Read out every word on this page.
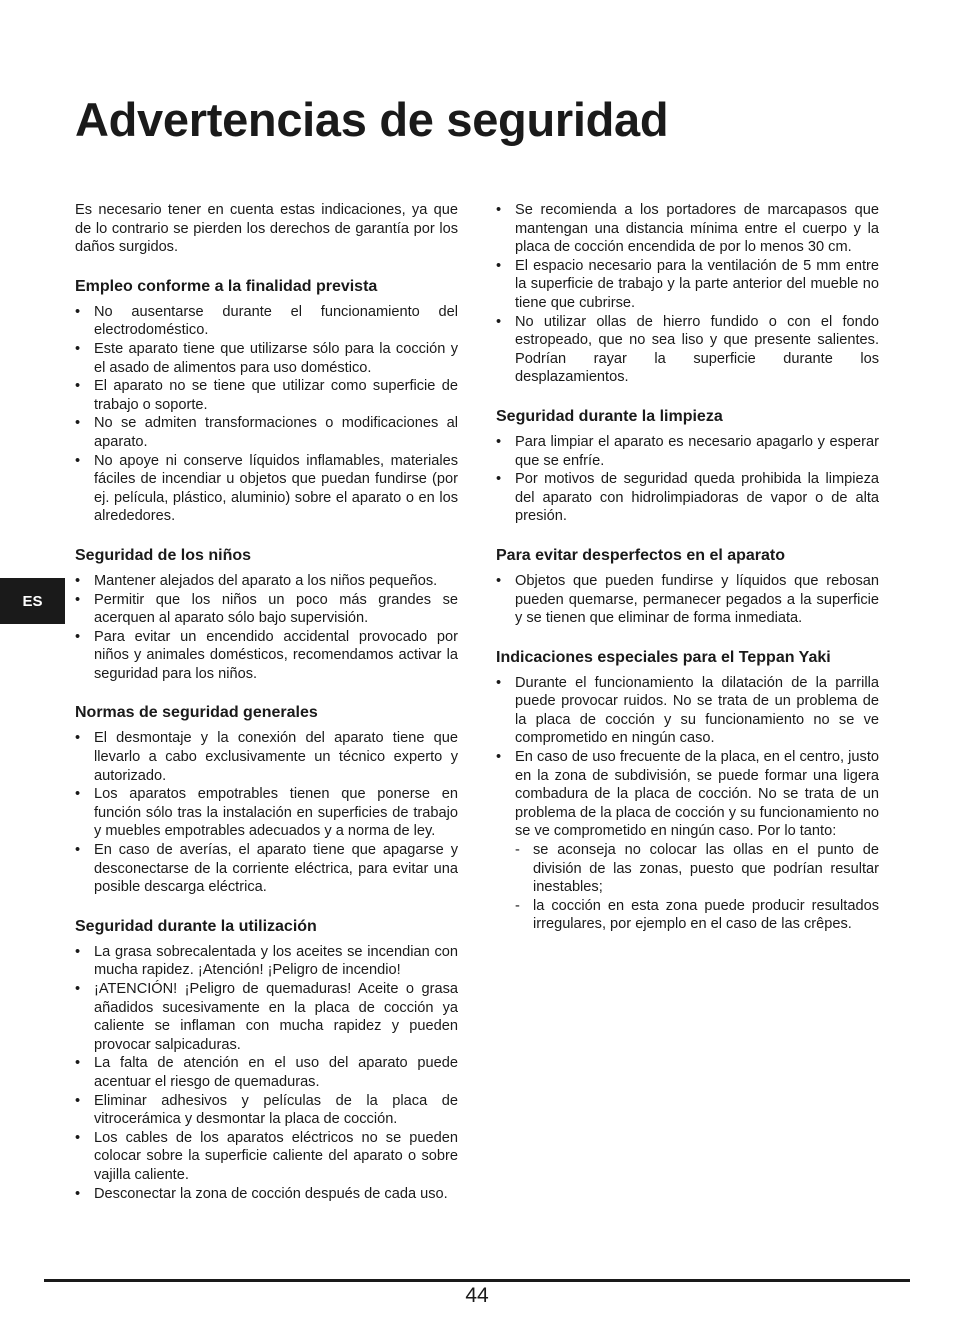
Advertencias de seguridad

Es necesario tener en cuenta estas indicaciones, ya que de lo contrario se pierden los derechos de garantía por los daños surgidos.

Empleo conforme a la finalidad prevista
• No ausentarse durante el funcionamiento del electrodoméstico.
• Este aparato tiene que utilizarse sólo para la cocción y el asado de alimentos para uso doméstico.
• El aparato no se tiene que utilizar como superficie de trabajo o soporte.
• No se admiten transformaciones o modificaciones al aparato.
• No apoye ni conserve líquidos inflamables, materiales fáciles de incendiar u objetos que puedan fundirse (por ej. película, plástico, aluminio) sobre el aparato o en los alrededores.
Seguridad de los niños
• Mantener alejados del aparato a los niños pequeños.
• Permitir que los niños un poco más grandes se acerquen al aparato sólo bajo supervisión.
• Para evitar un encendido accidental provocado por niños y animales domésticos, recomendamos activar la seguridad para los niños.
Normas de seguridad generales
• El desmontaje y la conexión del aparato tiene que llevarlo a cabo exclusivamente un técnico experto y autorizado.
• Los aparatos empotrables tienen que ponerse en función sólo tras la instalación en superficies de trabajo y muebles empotrables adecuados y a norma de ley.
• En caso de averías, el aparato tiene que apagarse y desconectarse de la corriente eléctrica, para evitar una posible descarga eléctrica.
Seguridad durante la utilización
• La grasa sobrecalentada y los aceites se incendian con mucha rapidez. ¡Atención! ¡Peligro de incendio!
• ¡ATENCIÓN! ¡Peligro de quemaduras! Aceite o grasa añadidos sucesivamente en la placa de cocción ya caliente se inflaman con mucha rapidez y pueden provocar salpicaduras.
• La falta de atención en el uso del aparato puede acentuar el riesgo de quemaduras.
• Eliminar adhesivos y películas de la placa de vitrocerámica y desmontar la placa de cocción.
• Los cables de los aparatos eléctricos no se pueden colocar sobre la superficie caliente del aparato o sobre vajilla caliente.
• Desconectar la zona de cocción después de cada uso.
• Se recomienda a los portadores de marcapasos que mantengan una distancia mínima entre el cuerpo y la placa de cocción encendida de por lo menos 30 cm.
• El espacio necesario para la ventilación de 5 mm entre la superficie de trabajo y la parte anterior del mueble no tiene que cubrirse.
• No utilizar ollas de hierro fundido o con el fondo estropeado, que no sea liso y que presente salientes. Podrían rayar la superficie durante los desplazamientos.
Seguridad durante la limpieza
• Para limpiar el aparato es necesario apagarlo y esperar que se enfríe.
• Por motivos de seguridad queda prohibida la limpieza del aparato con hidrolimpiadoras de vapor o de alta presión.
Para evitar desperfectos en el aparato
• Objetos que pueden fundirse y líquidos que rebosan pueden quemarse, permanecer pegados a la superficie y se tienen que eliminar de forma inmediata.
Indicaciones especiales para el Teppan Yaki
• Durante el funcionamiento la dilatación de la parrilla puede provocar ruidos. No se trata de un problema de la placa de cocción y su funcionamiento no se ve comprometido en ningún caso.
• En caso de uso frecuente de la placa, en el centro, justo en la zona de subdivisión, se puede formar una ligera combadura de la placa de cocción. No se trata de un problema de la placa de cocción y su funcionamiento no se ve comprometido en ningún caso. Por lo tanto:
- se aconseja no colocar las ollas en el punto de división de las zonas, puesto que podrían resultar inestables;
- la cocción en esta zona puede producir resultados irregulares, por ejemplo en el caso de las crêpes.
ES
44
